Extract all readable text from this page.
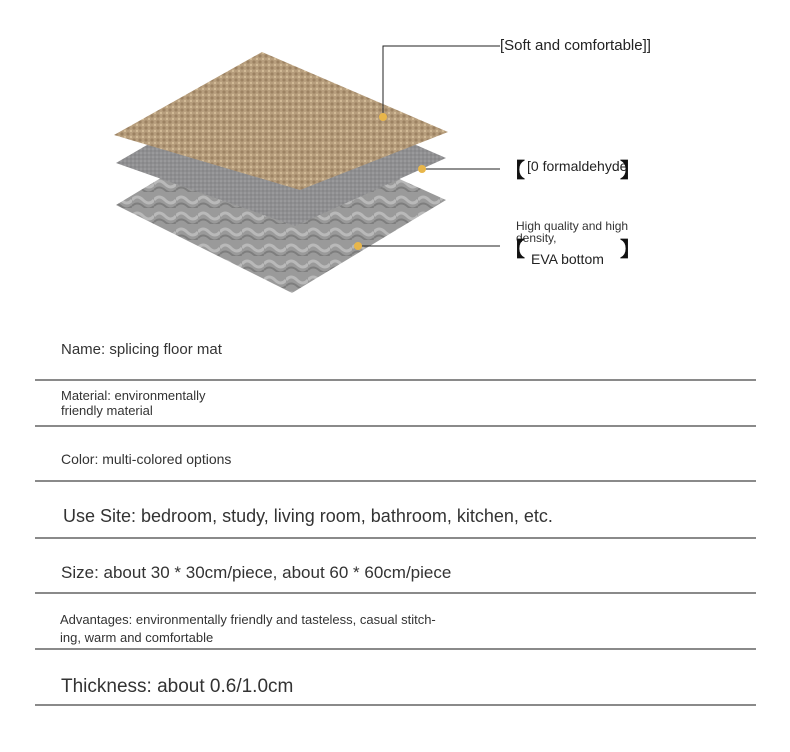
[Soft and comfortable]]
【 [0 formaldehyde
】
High quality and high
density,
【 EVA bottom 】
Name: splicing floor mat
Material: environmentally
friendly material
Color: multi-colored options
Use Site: bedroom, study, living room, bathroom, kitchen, etc.
Size: about 30 * 30cm/piece, about 60 * 60cm/piece
Advantages: environmentally friendly and tasteless, casual stitch-
ing, warm and comfortable
Thickness: about 0.6/1.0cm
